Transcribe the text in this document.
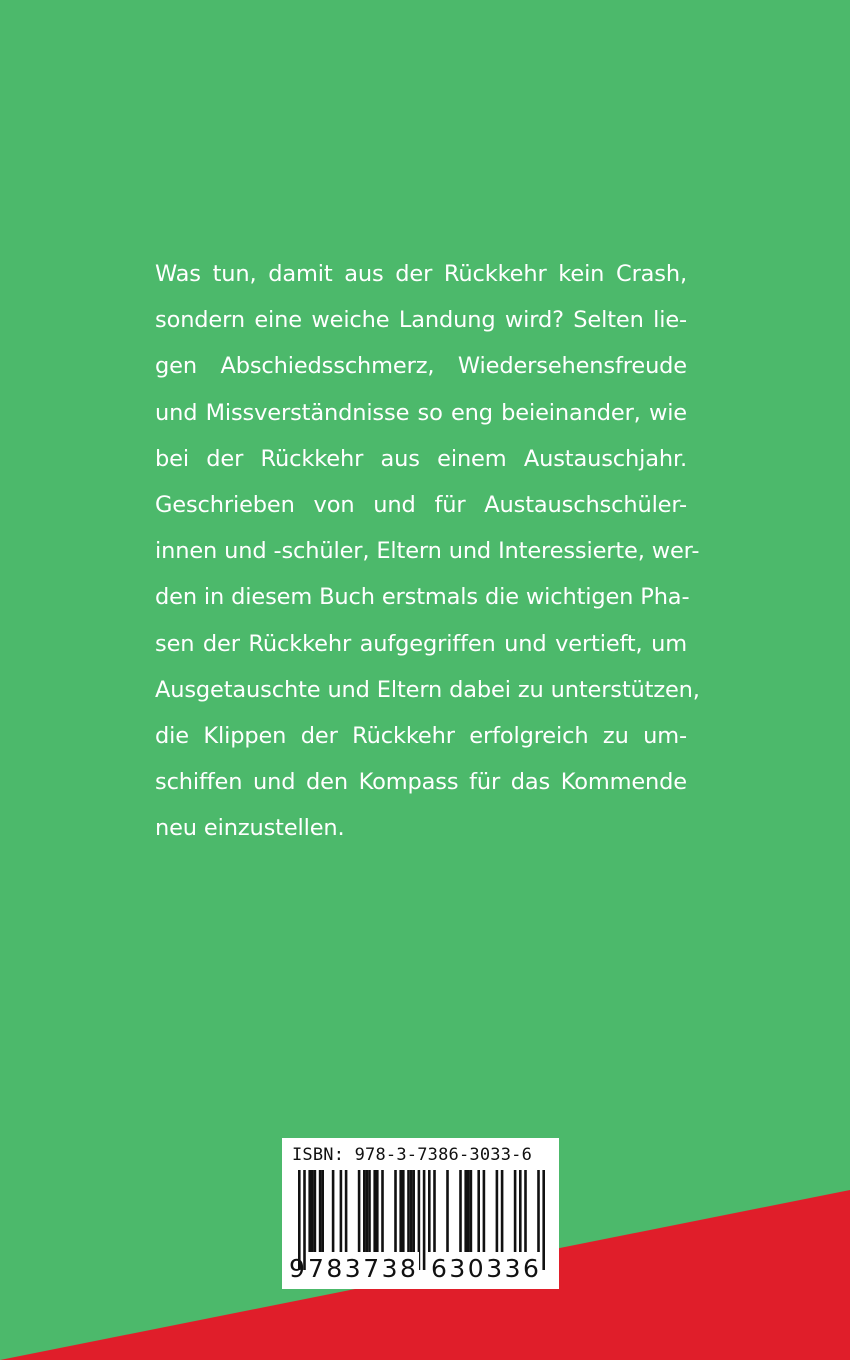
Was tun, damit aus der Rückkehr kein Crash,
sondern eine weiche Landung wird? Selten lie-
gen Abschiedsschmerz, Wiedersehensfreude
und Missverständnisse so eng beieinander, wie
bei der Rückkehr aus einem Austauschjahr.
Geschrieben von und für Austauschschüler-
innen und -schüler, Eltern und Interessierte, wer-
den in diesem Buch erstmals die wichtigen Pha-
sen der Rückkehr aufgegriffen und vertieft, um
Ausgetauschte und Eltern dabei zu unterstützen,
die Klippen der Rückkehr erfolgreich zu um-
schiffen und den Kompass für das Kommende
neu einzustellen.
ISBN: 978-3-7386-3033-6
9 783738 630336
